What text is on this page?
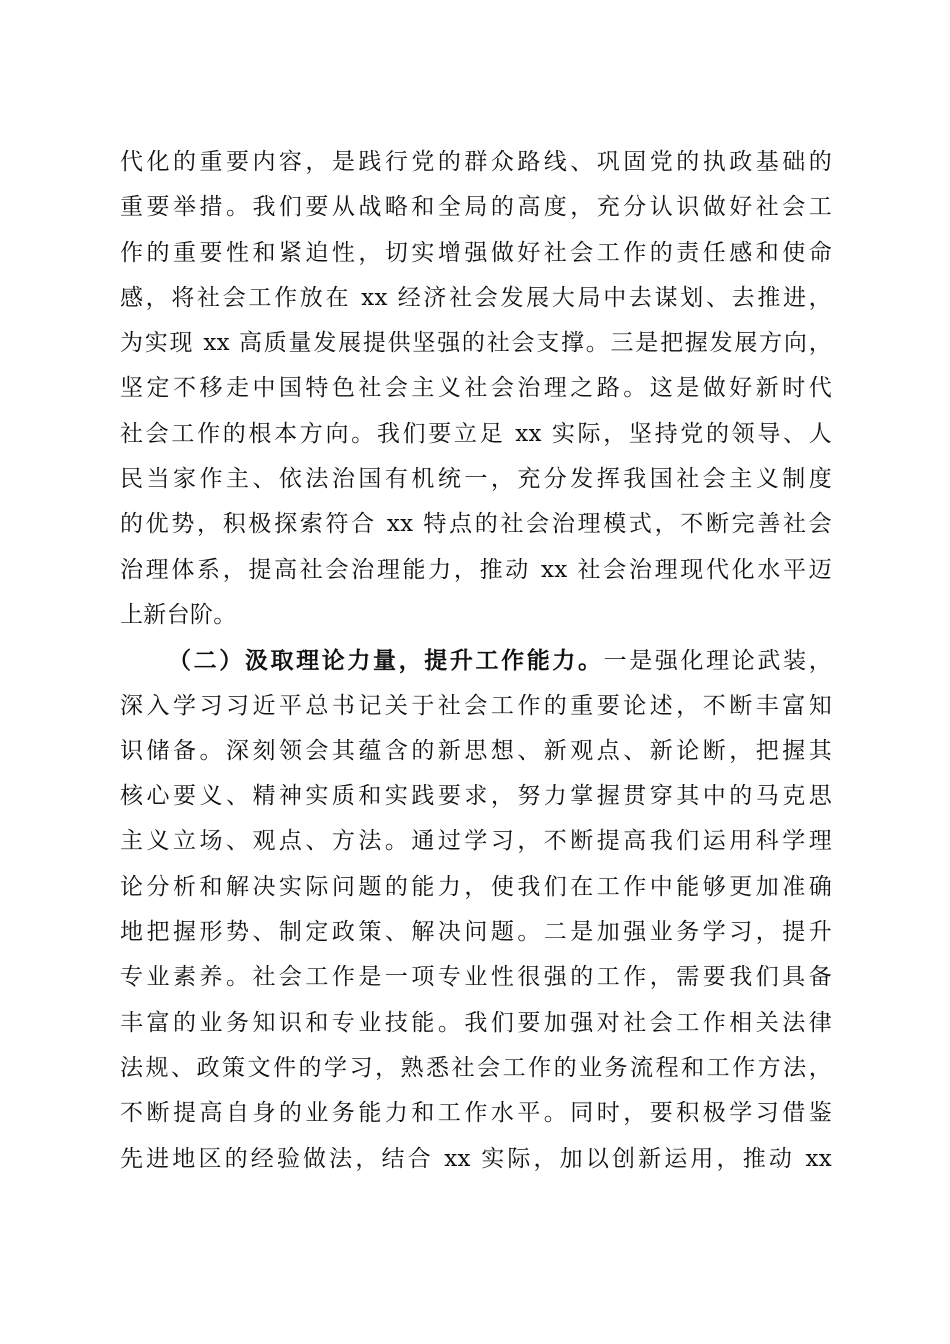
代化的重要内容，是践行党的群众路线、巩固党的执政基础的
重要举措。我们要从战略和全局的高度，充分认识做好社会工
作的重要性和紧迫性，切实增强做好社会工作的责任感和使命
感，将社会工作放在 xx 经济社会发展大局中去谋划、去推进，
为实现 xx 高质量发展提供坚强的社会支撑。三是把握发展方向，
坚定不移走中国特色社会主义社会治理之路。这是做好新时代
社会工作的根本方向。我们要立足 xx 实际，坚持党的领导、人
民当家作主、依法治国有机统一，充分发挥我国社会主义制度
的优势，积极探索符合 xx 特点的社会治理模式，不断完善社会
治理体系，提高社会治理能力，推动 xx 社会治理现代化水平迈
上新台阶。
（二）汲取理论力量，提升工作能力。一是强化理论武装，
深入学习习近平总书记关于社会工作的重要论述，不断丰富知
识储备。深刻领会其蕴含的新思想、新观点、新论断，把握其
核心要义、精神实质和实践要求，努力掌握贯穿其中的马克思
主义立场、观点、方法。通过学习，不断提高我们运用科学理
论分析和解决实际问题的能力，使我们在工作中能够更加准确
地把握形势、制定政策、解决问题。二是加强业务学习，提升
专业素养。社会工作是一项专业性很强的工作，需要我们具备
丰富的业务知识和专业技能。我们要加强对社会工作相关法律
法规、政策文件的学习，熟悉社会工作的业务流程和工作方法，
不断提高自身的业务能力和工作水平。同时，要积极学习借鉴
先进地区的经验做法，结合 xx 实际，加以创新运用，推动 xx
